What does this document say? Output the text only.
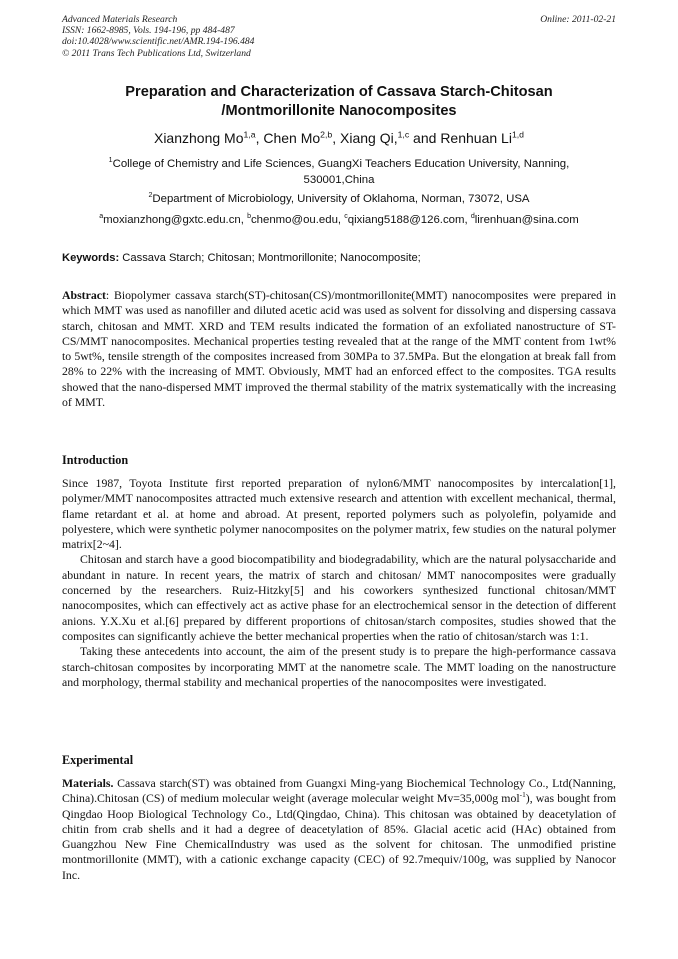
Advanced Materials Research
ISSN: 1662-8985, Vols. 194-196, pp 484-487
doi:10.4028/www.scientific.net/AMR.194-196.484
© 2011 Trans Tech Publications Ltd, Switzerland
Online: 2011-02-21
Preparation and Characterization of Cassava Starch-Chitosan
/Montmorillonite Nanocomposites
Xianzhong Mo$^{1,a}$, Chen Mo$^{2,b}$, Xiang Qi,$^{1,c}$ and Renhuan Li$^{1,d}$
$^1$College of Chemistry and Life Sciences, GuangXi Teachers Education University, Nanning,
530001,China
$^2$Department of Microbiology, University of Oklahoma, Norman, 73072, USA
$^a$moxianzhong@gxtc.edu.cn, $^b$chenmo@ou.edu, $^c$qixiang5188@126.com, $^d$lirenhuan@sina.com
Keywords: Cassava Starch; Chitosan; Montmorillonite; Nanocomposite;

Abstract: Biopolymer cassava starch(ST)-chitosan(CS)/montmorillonite(MMT) nanocomposites were prepared in which MMT was used as nanofiller and diluted acetic acid was used as solvent for dissolving and dispersing cassava starch, chitosan and MMT. XRD and TEM results indicated the formation of an exfoliated nanostructure of ST-CS/MMT nanocomposites. Mechanical properties testing revealed that at the range of the MMT content from 1wt% to 5wt%, tensile strength of the composites increased from 30MPa to 37.5MPa. But the elongation at break fall from 28% to 22% with the increasing of MMT. Obviously, MMT had an enforced effect to the composites. TGA results showed that the nano-dispersed MMT improved the thermal stability of the matrix systematically with the increasing of MMT.

Introduction

Since 1987, Toyota Institute first reported preparation of nylon6/MMT nanocomposites by intercalation[1], polymer/MMT nanocomposites attracted much extensive research and attention with excellent mechanical, thermal, flame retardant et al. at home and abroad. At present, reported polymers such as polyolefin, polyamide and polyestere, which were synthetic polymer nanocomposites on the polymer matrix, few studies on the natural polymer matrix[2~4].

Chitosan and starch have a good biocompatibility and biodegradability, which are the natural polysaccharide and abundant in nature. In recent years, the matrix of starch and chitosan/ MMT nanocomposites were gradually concerned by the researchers. Ruiz-Hitzky[5] and his coworkers synthesized functional chitosan/MMT nanocomposites, which can effectively act as active phase for an electrochemical sensor in the detection of different anions. Y.X.Xu et al.[6] prepared by different proportions of chitosan/starch composites, studies showed that the composites can significantly achieve the better mechanical properties when the ratio of chitosan/starch was 1:1.

Taking these antecedents into account, the aim of the present study is to prepare the high-performance cassava starch-chitosan composites by incorporating MMT at the nanometre scale. The MMT loading on the nanostructure and morphology, thermal stability and mechanical properties of the nanocomposites were investigated.

Experimental

Materials. Cassava starch(ST) was obtained from Guangxi Ming-yang Biochemical Technology Co., Ltd(Nanning, China).Chitosan (CS) of medium molecular weight (average molecular weight Mv=35,000g mol$^{-1}$), was bought from Qingdao Hoop Biological Technology Co., Ltd(Qingdao, China). This chitosan was obtained by deacetylation of chitin from crab shells and it had a degree of deacetylation of 85%. Glacial acetic acid (HAc) obtained from Guangzhou New Fine ChemicalIndustry was used as the solvent for chitosan. The unmodified pristine montmorillonite (MMT), with a cationic exchange capacity (CEC) of 92.7mequiv/100g, was supplied by Nanocor Inc.
